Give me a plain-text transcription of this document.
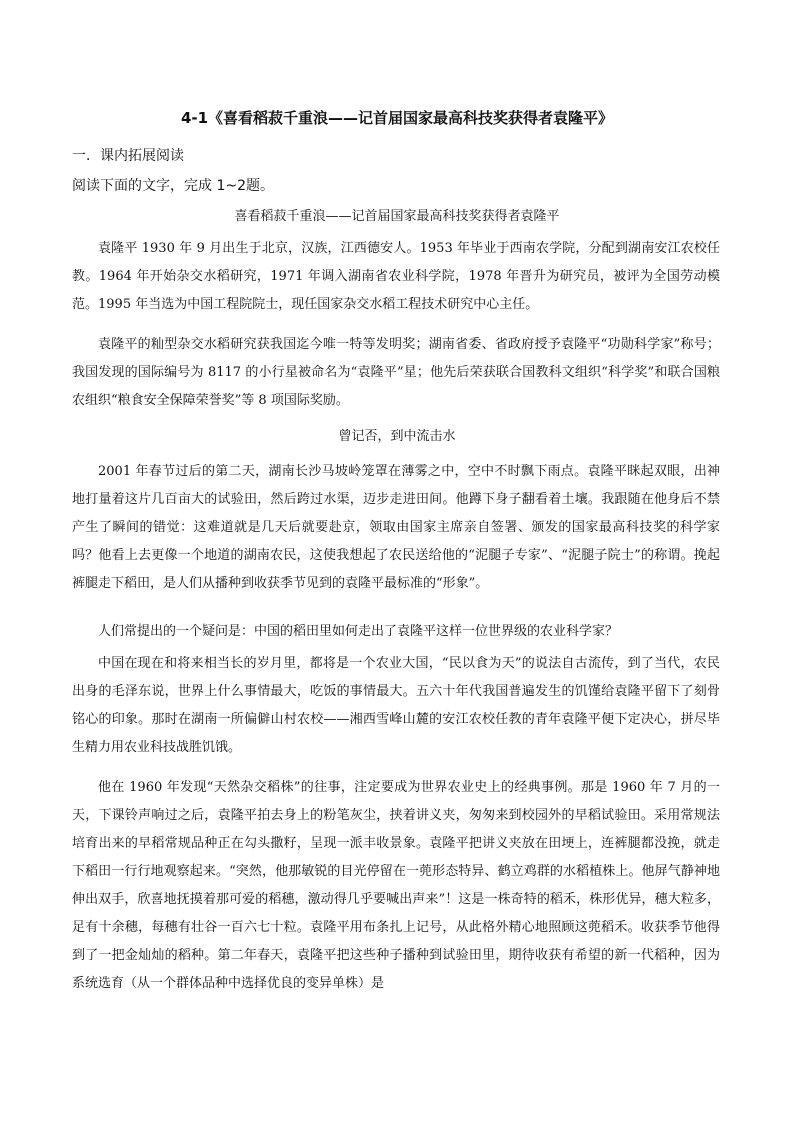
4-1《喜看稻菽千重浪——记首届国家最高科技奖获得者袁隆平》
一．课内拓展阅读
阅读下面的文字，完成 1~2题。
喜看稻菽千重浪——记首届国家最高科技奖获得者袁隆平

袁隆平 1930 年 9 月出生于北京，汉族，江西德安人。1953 年毕业于西南农学院，分配到湖南安江农校任教。1964 年开始杂交水稻研究，1971 年调入湖南省农业科学院，1978 年晋升为研究员，被评为全国劳动模范。1995 年当选为中国工程院院士，现任国家杂交水稻工程技术研究中心主任。

袁隆平的籼型杂交水稻研究获我国迄今唯一特等发明奖；湖南省委、省政府授予袁隆平“功勋科学家”称号；我国发现的国际编号为 8117 的小行星被命名为“袁隆平”星；他先后荣获联合国教科文组织“科学奖”和联合国粮农组织“粮食安全保障荣誉奖”等 8 项国际奖励。

曾记否，到中流击水

2001 年春节过后的第二天，湖南长沙马坡岭笼罩在薄雾之中，空中不时飘下雨点。袁隆平眯起双眼，出神地打量着这片几百亩大的试验田，然后跨过水渠，迈步走进田间。他蹲下身子翻看着土壤。我跟随在他身后不禁产生了瞬间的错觉：这难道就是几天后就要赴京，领取由国家主席亲自签署、颁发的国家最高科技奖的科学家吗？他看上去更像一个地道的湖南农民，这使我想起了农民送给他的“泥腿子专家”、“泥腿子院士”的称谓。挽起裤腿走下稻田，是人们从播种到收获季节见到的袁隆平最标准的“形象”。

人们常提出的一个疑问是：中国的稻田里如何走出了袁隆平这样一位世界级的农业科学家？

中国在现在和将来相当长的岁月里，都将是一个农业大国，“民以食为天”的说法自古流传，到了当代，农民出身的毛泽东说，世界上什么事情最大，吃饭的事情最大。五六十年代我国普遍发生的饥馑给袁隆平留下了刻骨铭心的印象。那时在湖南一所偏僻山村农校——湘西雪峰山麓的安江农校任教的青年袁隆平便下定决心，拼尽毕生精力用农业科技战胜饥饿。

他在 1960 年发现“天然杂交稻株”的往事，注定要成为世界农业史上的经典事例。那是 1960 年 7 月的一天，下课铃声响过之后，袁隆平拍去身上的粉笔灰尘，挟着讲义夹，匆匆来到校园外的早稻试验田。采用常规法培育出来的早稻常规品种正在勾头撒籽，呈现一派丰收景象。袁隆平把讲义夹放在田埂上，连裤腿都没挽，就走下稻田一行行地观察起来。“突然，他那敏锐的目光停留在一蔸形态特异、鹤立鸡群的水稻植株上。他屏气静神地伸出双手，欣喜地抚摸着那可爱的稻穗，激动得几乎要喊出声来”！这是一株奇特的稻禾，株形优异，穗大粒多，足有十余穗，每穗有壮谷一百六七十粒。袁隆平用布条扎上记号，从此格外精心地照顾这蔸稻禾。收获季节他得到了一把金灿灿的稻种。第二年春天，袁隆平把这些种子播种到试验田里，期待收获有希望的新一代稻种，因为系统选育（从一个群体品种中选择优良的变异单株）是
